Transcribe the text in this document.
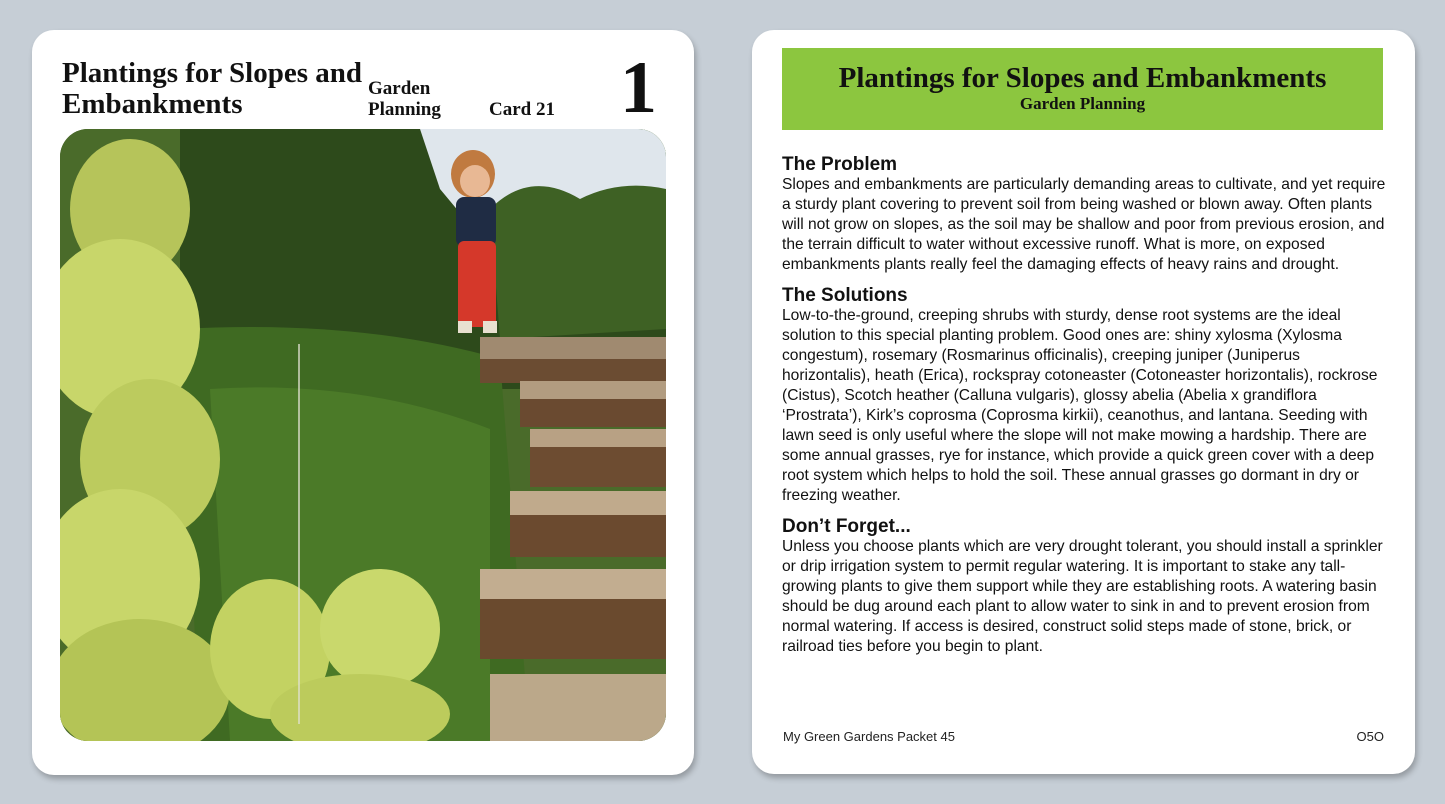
Plantings for Slopes and Embankments	Garden Planning	Card 21 1	Plantings for Slopes and Embankments
Garden Planning
The Problem

Slopes and embankments are particularly demanding areas to cultivate, and yet require a sturdy plant covering to prevent soil from being washed or blown away. Often plants will not grow on slopes, as the soil may be shallow and poor from previous erosion, and the terrain difficult to water without excessive runoff. What is more, on exposed embankments plants really feel the damaging effects of heavy rains and drought.

The Solutions

Low-to-the-ground, creeping shrubs with sturdy, dense root systems are the ideal solution to this special planting problem. Good ones are: shiny xylosma (Xylosma congestum), rosemary (Rosmarinus officinalis), creeping juniper (Juniperus horizontalis), heath (Erica), rockspray cotoneaster (Cotoneaster horizontalis), rockrose (Cistus), Scotch heather (Calluna vulgaris), glossy abelia (Abelia x grandiflora ‘Prostrata’), Kirk’s coprosma (Coprosma kirkii), ceanothus, and lantana. Seeding with lawn seed is only useful where the slope will not make mowing a hardship. There are some annual grasses, rye for instance, which provide a quick green cover with a deep root system which helps to hold the soil. These annual grasses go dormant in dry or freezing weather.

Don’t Forget...

Unless you choose plants which are very drought tolerant, you should install a sprinkler or drip irrigation system to permit regular watering. It is important to stake any tall-growing plants to give them support while they are establishing roots. A watering basin should be dug around each plant to allow water to sink in and to prevent erosion from normal watering. If access is desired, construct solid steps made of stone, brick, or railroad ties before you begin to plant.

My Green Gardens Packet 45	O5O
